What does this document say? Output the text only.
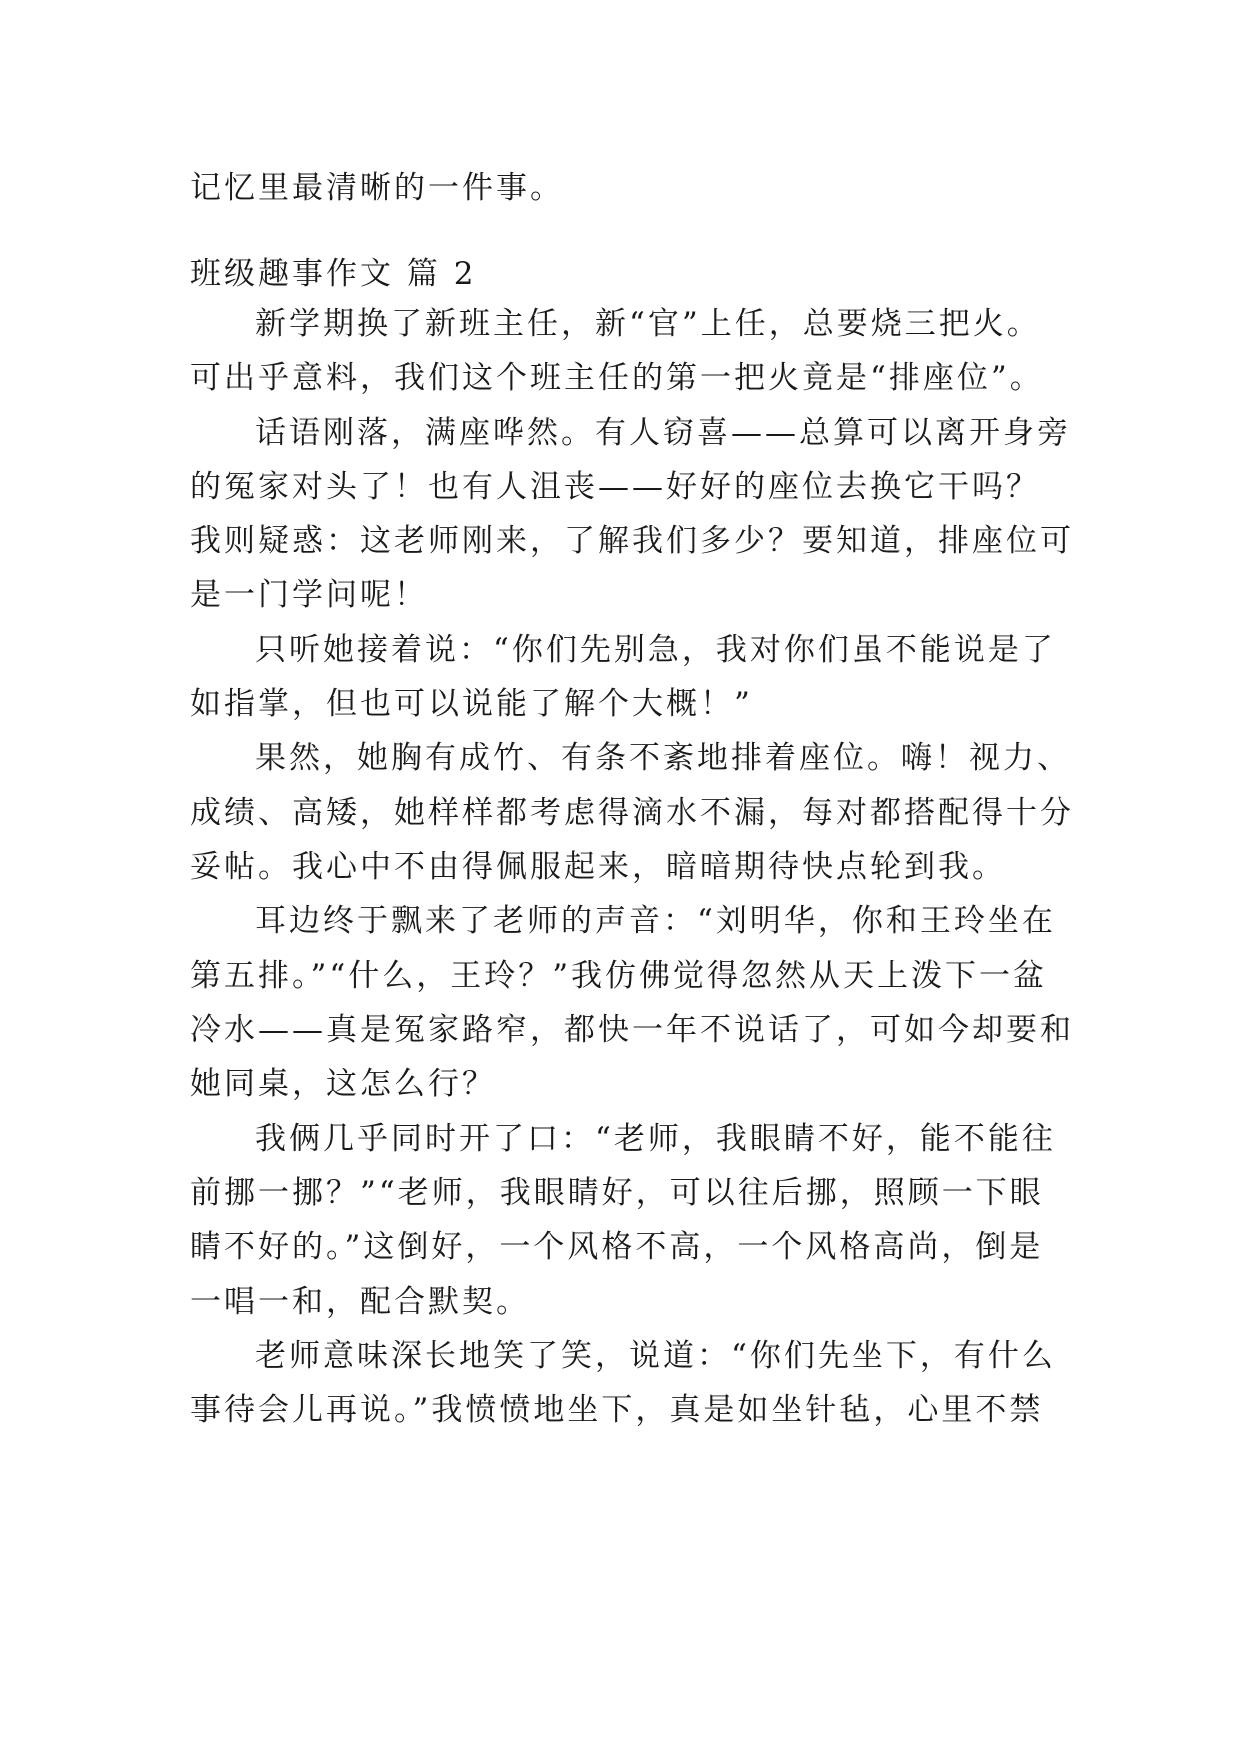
记忆里最清晰的一件事。
班级趣事作文 篇 2
新学期换了新班主任，新“官”上任，总要烧三把火。
可出乎意料，我们这个班主任的第一把火竟是“排座位”。
话语刚落，满座哗然。有人窃喜——总算可以离开身旁
的冤家对头了！也有人沮丧——好好的座位去换它干吗？
我则疑惑：这老师刚来，了解我们多少？要知道，排座位可
是一门学问呢！
只听她接着说：“你们先别急，我对你们虽不能说是了
如指掌，但也可以说能了解个大概！”
果然，她胸有成竹、有条不紊地排着座位。嗨！视力、
成绩、高矮，她样样都考虑得滴水不漏，每对都搭配得十分
妥帖。我心中不由得佩服起来，暗暗期待快点轮到我。
耳边终于飘来了老师的声音：“刘明华，你和王玲坐在
第五排。”“什么，王玲？”我仿佛觉得忽然从天上泼下一盆
冷水——真是冤家路窄，都快一年不说话了，可如今却要和
她同桌，这怎么行？
我俩几乎同时开了口：“老师，我眼睛不好，能不能往
前挪一挪？”“老师，我眼睛好，可以往后挪，照顾一下眼
睛不好的。”这倒好，一个风格不高，一个风格高尚，倒是
一唱一和，配合默契。
老师意味深长地笑了笑，说道：“你们先坐下，有什么
事待会儿再说。”我愤愤地坐下，真是如坐针毡，心里不禁
